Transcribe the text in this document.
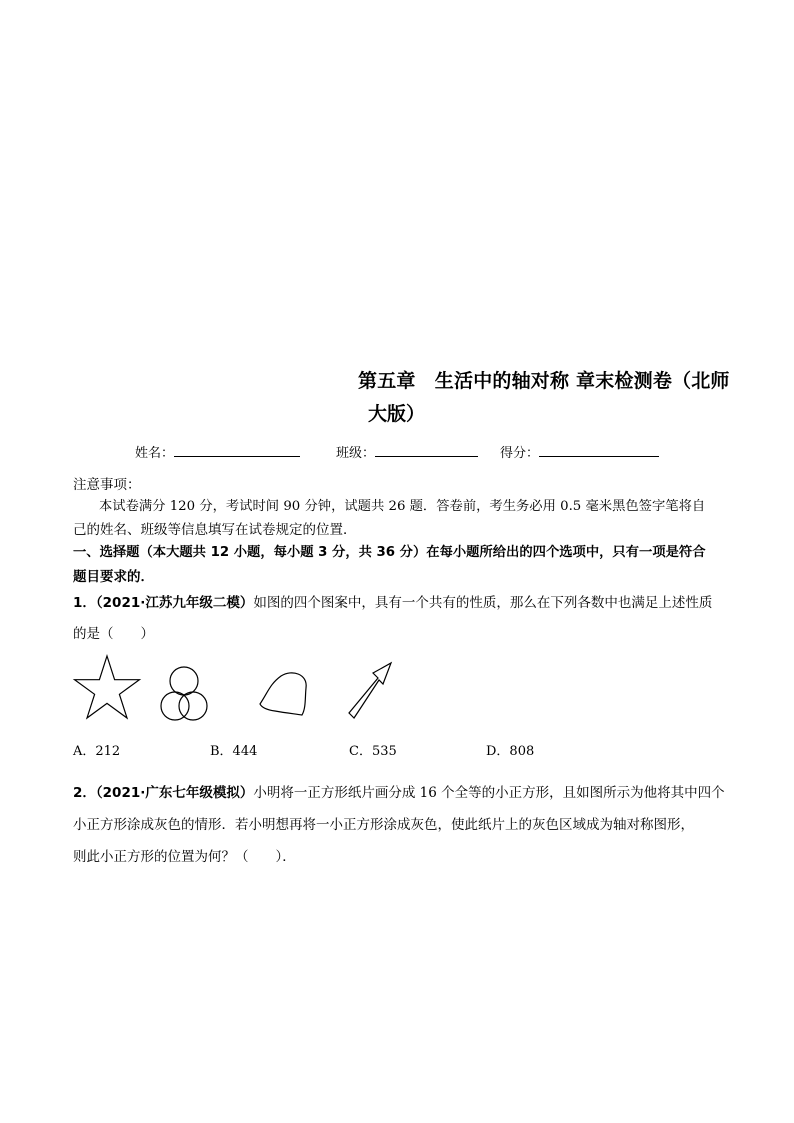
第五章　生活中的轴对称 章末检测卷（北师
大版）
姓名：	班级：	得分：
注意事项：
本试卷满分 120 分，考试时间 90 分钟，试题共 26 题．答卷前，考生务必用 0.5 毫米黑色签字笔将自
己的姓名、班级等信息填写在试卷规定的位置．
一、选择题（本大题共 12 小题，每小题 3 分，共 36 分）在每小题所给出的四个选项中，只有一项是符合
题目要求的．
1．（2021·江苏九年级二模）如图的四个图案中，具有一个共有的性质，那么在下列各数中也满足上述性质
的是（　　）
A．212	B．444	C．535	D．808
2．（2021·广东七年级模拟）小明将一正方形纸片画分成 16 个全等的小正方形，且如图所示为他将其中四个
小正方形涂成灰色的情形．若小明想再将一小正方形涂成灰色，使此纸片上的灰色区域成为轴对称图形，
则此小正方形的位置为何？（　　）．
